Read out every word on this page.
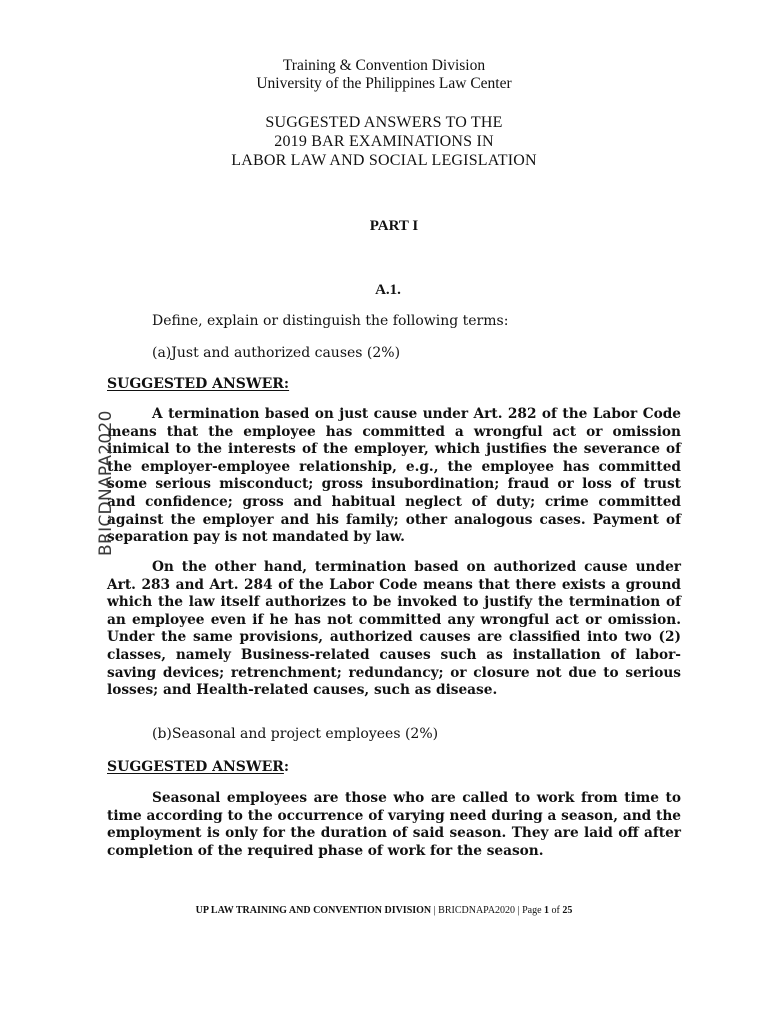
Training & Convention Division
University of the Philippines Law Center
SUGGESTED ANSWERS TO THE
2019 BAR EXAMINATIONS IN
LABOR LAW AND SOCIAL LEGISLATION
PART I
A.1.
Define, explain or distinguish the following terms:
(a)Just and authorized causes (2%)
SUGGESTED ANSWER:

A termination based on just cause under Art. 282 of the Labor Code means that the employee has committed a wrongful act or omission inimical to the interests of the employer, which justifies the severance of the employer-employee relationship, e.g., the employee has committed some serious misconduct; gross insubordination; fraud or loss of trust and confidence; gross and habitual neglect of duty; crime committed against the employer and his family; other analogous cases. Payment of separation pay is not mandated by law.

On the other hand, termination based on authorized cause under Art. 283 and Art. 284 of the Labor Code means that there exists a ground which the law itself authorizes to be invoked to justify the termination of an employee even if he has not committed any wrongful act or omission. Under the same provisions, authorized causes are classified into two (2) classes, namely Business-related causes such as installation of labor-saving devices; retrenchment; redundancy; or closure not due to serious losses; and Health-related causes, such as disease.

(b)Seasonal and project employees (2%)
SUGGESTED ANSWER:

Seasonal employees are those who are called to work from time to time according to the occurrence of varying need during a season, and the employment is only for the duration of said season. They are laid off after completion of the required phase of work for the season.

BRICDNAPA2020
UP LAW TRAINING AND CONVENTION DIVISION | BRICDNAPA2020 | Page 1 of 25
